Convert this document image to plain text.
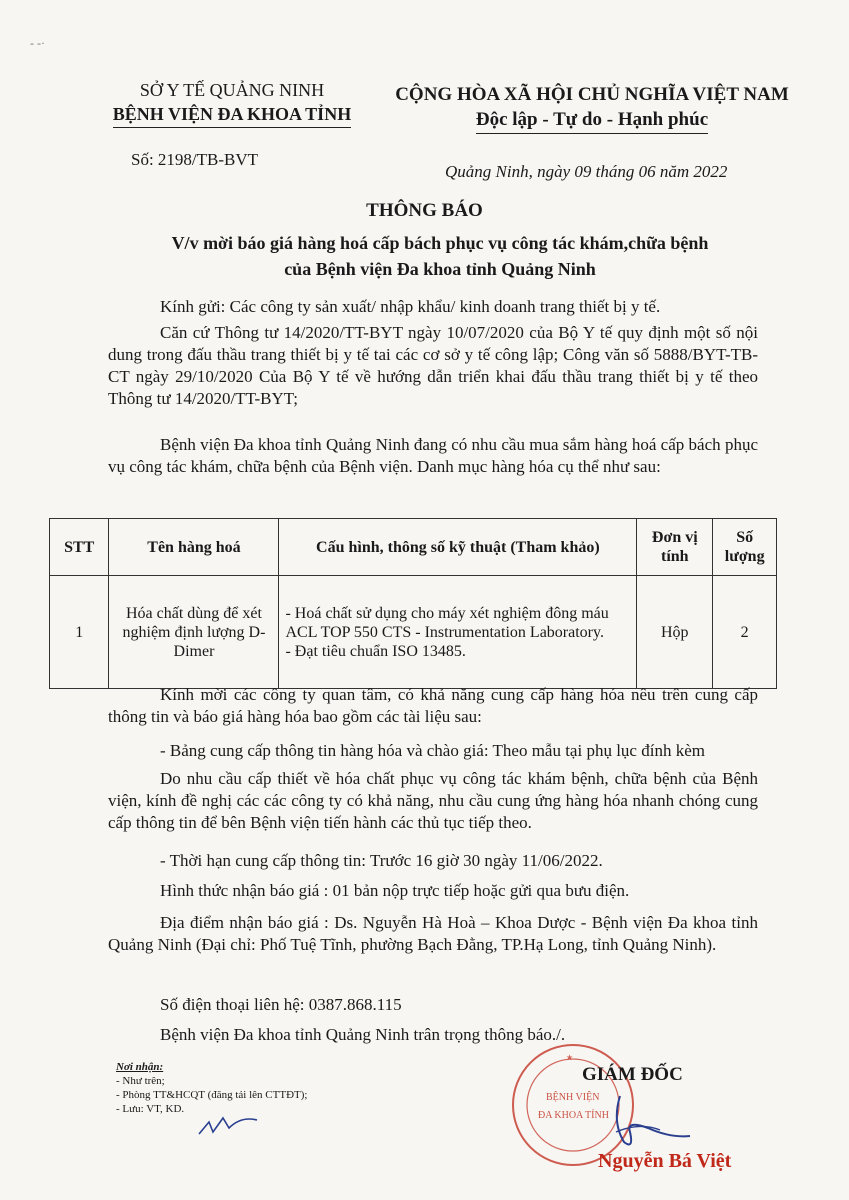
- -·
SỞ Y TẾ QUẢNG NINH
BỆNH VIỆN ĐA KHOA TỈNH
CỘNG HÒA XÃ HỘI CHỦ NGHĨA VIỆT NAM
Độc lập - Tự do - Hạnh phúc
Số: 2198/TB-BVT
Quảng Ninh, ngày 09 tháng 06 năm 2022
THÔNG BÁO
V/v mời báo giá hàng hoá cấp bách phục vụ công tác khám,chữa bệnh
của Bệnh viện Đa khoa tỉnh Quảng Ninh
Kính gửi: Các công ty sản xuất/ nhập khẩu/ kinh doanh trang thiết bị y tế.
Căn cứ Thông tư 14/2020/TT-BYT ngày 10/07/2020 của Bộ Y tế quy định một số nội dung trong đấu thầu trang thiết bị y tế tai các cơ sở y tế công lập; Công văn số 5888/BYT-TB-CT ngày 29/10/2020 Của Bộ Y tế về hướng dẫn triển khai đấu thầu trang thiết bị y tế theo Thông tư 14/2020/TT-BYT;
Bệnh viện Đa khoa tỉnh Quảng Ninh đang có nhu cầu mua sắm hàng hoá cấp bách phục vụ công tác khám, chữa bệnh của Bệnh viện. Danh mục hàng hóa cụ thể như sau:
STT	Tên hàng hoá	Cấu hình, thông số kỹ thuật (Tham khảo)	Đơn vị tính	Số lượng
1	Hóa chất dùng để xét nghiệm định lượng D-Dimer	- Hoá chất sử dụng cho máy xét nghiệm đông máu ACL TOP 550 CTS - Instrumentation Laboratory.
- Đạt tiêu chuẩn ISO 13485.	Hộp	2
Kính mời các công ty quan tâm, có khả năng cung cấp hàng hóa nêu trên cung cấp thông tin và báo giá hàng hóa bao gồm các tài liệu sau:
- Bảng cung cấp thông tin hàng hóa và chào giá: Theo mẫu tại phụ lục đính kèm
Do nhu cầu cấp thiết về hóa chất phục vụ công tác khám bệnh, chữa bệnh của Bệnh viện, kính đề nghị các các công ty có khả năng, nhu cầu cung ứng hàng hóa nhanh chóng cung cấp thông tin để bên Bệnh viện tiến hành các thủ tục tiếp theo.
- Thời hạn cung cấp thông tin: Trước 16 giờ 30 ngày 11/06/2022.
Hình thức nhận báo giá : 01 bản nộp trực tiếp hoặc gửi qua bưu điện.
Địa điểm nhận báo giá : Ds. Nguyễn Hà Hoà – Khoa Dược - Bệnh viện Đa khoa tỉnh Quảng Ninh (Đại chỉ: Phố Tuệ Tĩnh, phường Bạch Đằng, TP.Hạ Long, tỉnh Quảng Ninh).
Số điện thoại liên hệ: 0387.868.115
Bệnh viện Đa khoa tỉnh Quảng Ninh trân trọng thông báo./.
Nơi nhận:
- Như trên;
- Phòng TT&HCQT (đăng tải lên CTTĐT);
- Lưu: VT, KD.
BỆNH VIỆN
ĐA KHOA TỈNH
★
GIÁM ĐỐC
Nguyễn Bá Việt
